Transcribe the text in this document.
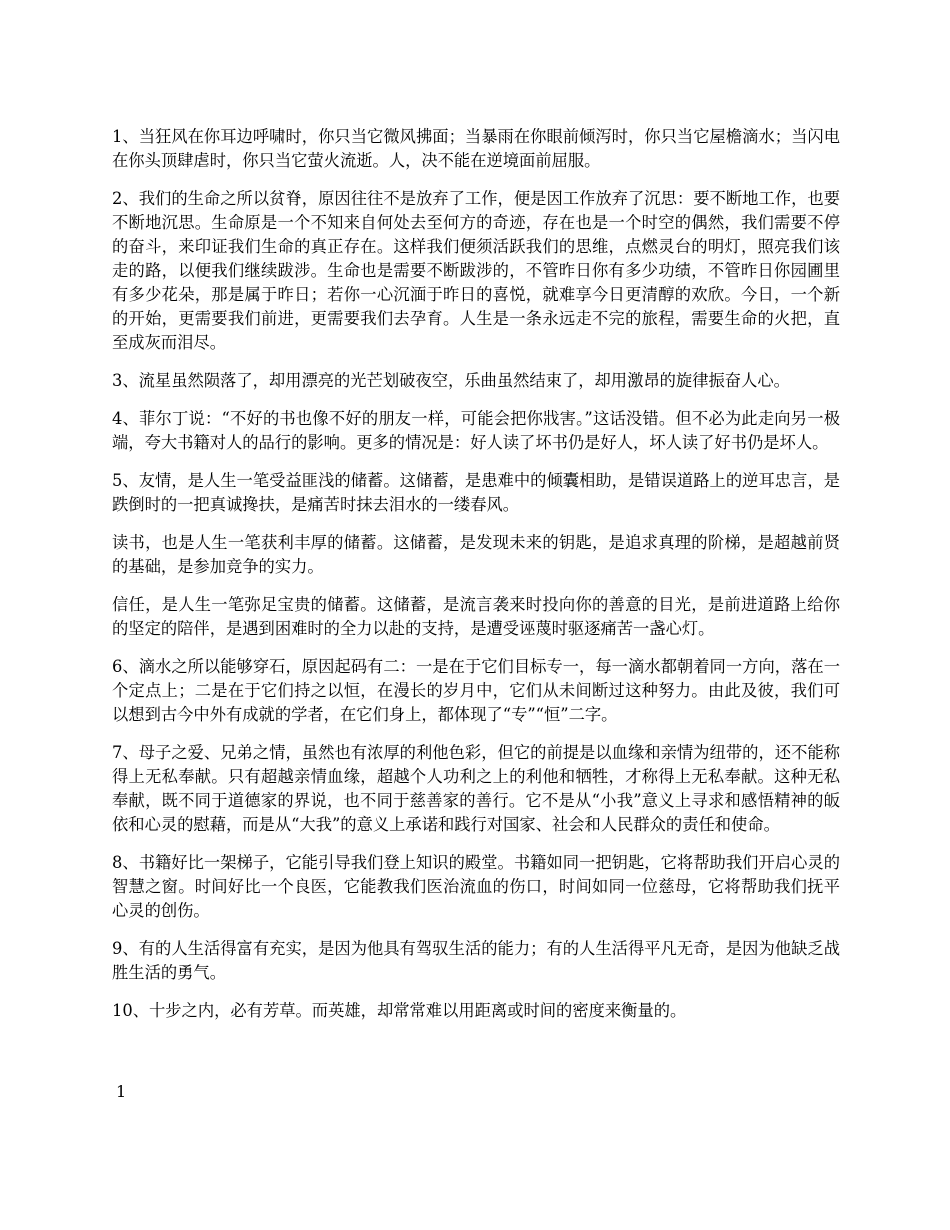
1、当狂风在你耳边呼啸时，你只当它微风拂面；当暴雨在你眼前倾泻时，你只当它屋檐滴水；当闪电在你头顶肆虐时，你只当它萤火流逝。人，决不能在逆境面前屈服。

2、我们的生命之所以贫脊，原因往往不是放弃了工作，便是因工作放弃了沉思：要不断地工作，也要不断地沉思。生命原是一个不知来自何处去至何方的奇迹，存在也是一个时空的偶然，我们需要不停的奋斗，来印证我们生命的真正存在。这样我们便须活跃我们的思维，点燃灵台的明灯，照亮我们该走的路，以便我们继续跋涉。生命也是需要不断跋涉的，不管昨日你有多少功绩，不管昨日你园圃里有多少花朵，那是属于昨日；若你一心沉湎于昨日的喜悦，就难享今日更清醇的欢欣。今日，一个新的开始，更需要我们前进，更需要我们去孕育。人生是一条永远走不完的旅程，需要生命的火把，直至成灰而泪尽。

3、流星虽然陨落了，却用漂亮的光芒划破夜空，乐曲虽然结束了，却用激昂的旋律振奋人心。

4、菲尔丁说：“不好的书也像不好的朋友一样，可能会把你戕害。”这话没错。但不必为此走向另一极端，夸大书籍对人的品行的影响。更多的情况是：好人读了坏书仍是好人，坏人读了好书仍是坏人。

5、友情，是人生一笔受益匪浅的储蓄。这储蓄，是患难中的倾囊相助，是错误道路上的逆耳忠言，是跌倒时的一把真诚搀扶，是痛苦时抹去泪水的一缕春风。

读书，也是人生一笔获利丰厚的储蓄。这储蓄，是发现未来的钥匙，是追求真理的阶梯，是超越前贤的基础，是参加竞争的实力。

信任，是人生一笔弥足宝贵的储蓄。这储蓄，是流言袭来时投向你的善意的目光，是前进道路上给你的坚定的陪伴，是遇到困难时的全力以赴的支持，是遭受诬蔑时驱逐痛苦一盏心灯。

6、滴水之所以能够穿石，原因起码有二：一是在于它们目标专一，每一滴水都朝着同一方向，落在一个定点上；二是在于它们持之以恒，在漫长的岁月中，它们从未间断过这种努力。由此及彼，我们可以想到古今中外有成就的学者，在它们身上，都体现了“专”“恒”二字。

7、母子之爱、兄弟之情，虽然也有浓厚的利他色彩，但它的前提是以血缘和亲情为纽带的，还不能称得上无私奉献。只有超越亲情血缘，超越个人功利之上的利他和牺牲，才称得上无私奉献。这种无私奉献，既不同于道德家的界说，也不同于慈善家的善行。它不是从“小我”意义上寻求和感悟精神的皈依和心灵的慰藉，而是从“大我”的意义上承诺和践行对国家、社会和人民群众的责任和使命。

8、书籍好比一架梯子，它能引导我们登上知识的殿堂。书籍如同一把钥匙，它将帮助我们开启心灵的智慧之窗。时间好比一个良医，它能教我们医治流血的伤口，时间如同一位慈母，它将帮助我们抚平心灵的创伤。

9、有的人生活得富有充实，是因为他具有驾驭生活的能力；有的人生活得平凡无奇，是因为他缺乏战胜生活的勇气。

10、十步之内，必有芳草。而英雄，却常常难以用距离或时间的密度来衡量的。

1
